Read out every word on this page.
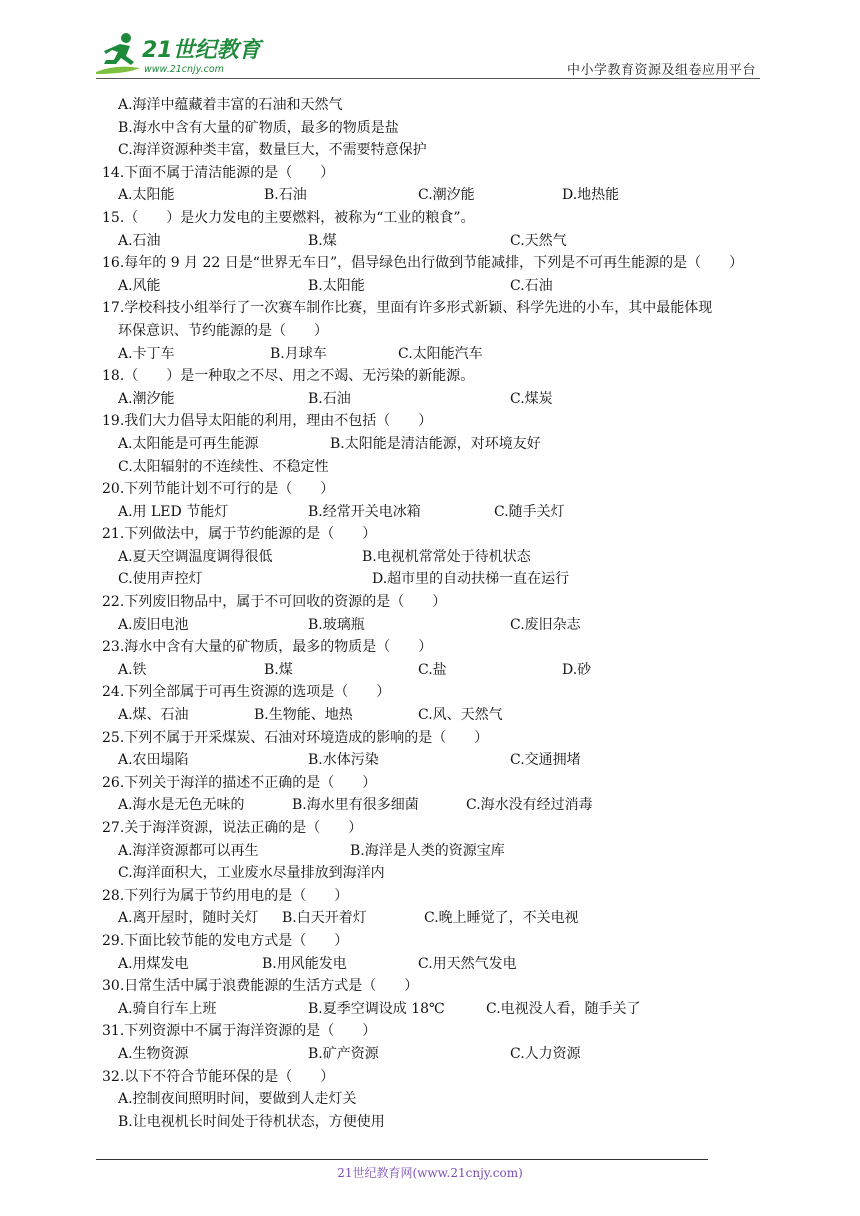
21世纪教育
www.21cnjy.com	中小学教育资源及组卷应用平台
A.海洋中蕴藏着丰富的石油和天然气
B.海水中含有大量的矿物质，最多的物质是盐
C.海洋资源种类丰富，数量巨大，不需要特意保护
14.下面不属于清洁能源的是（　　）
A.太阳能	B.石油	C.潮汐能	D.地热能
15.（　　）是火力发电的主要燃料，被称为“工业的粮食”。
A.石油	B.煤	C.天然气
16.每年的 9 月 22 日是“世界无车日”，倡导绿色出行做到节能减排，下列是不可再生能源的是（　　）
A.风能	B.太阳能	C.石油
17.学校科技小组举行了一次赛车制作比赛，里面有许多形式新颖、科学先进的小车，其中最能体现
环保意识、节约能源的是（　　）
A.卡丁车	B.月球车	C.太阳能汽车
18.（　　）是一种取之不尽、用之不竭、无污染的新能源。
A.潮汐能	B.石油	C.煤炭
19.我们大力倡导太阳能的利用，理由不包括（　　）
A.太阳能是可再生能源	B.太阳能是清洁能源，对环境友好
C.太阳辐射的不连续性、不稳定性
20.下列节能计划不可行的是（　　）
A.用 LED 节能灯	B.经常开关电冰箱	C.随手关灯
21.下列做法中，属于节约能源的是（　　）
A.夏天空调温度调得很低	B.电视机常常处于待机状态
C.使用声控灯	D.超市里的自动扶梯一直在运行
22.下列废旧物品中，属于不可回收的资源的是（　　）
A.废旧电池	B.玻璃瓶	C.废旧杂志
23.海水中含有大量的矿物质，最多的物质是（　　）
A.铁	B.煤	C.盐	D.砂
24.下列全部属于可再生资源的选项是（　　）
A.煤、石油	B.生物能、地热	C.风、天然气
25.下列不属于开采煤炭、石油对环境造成的影响的是（　　）
A.农田塌陷	B.水体污染	C.交通拥堵
26.下列关于海洋的描述不正确的是（　　）
A.海水是无色无味的	B.海水里有很多细菌	C.海水没有经过消毒
27.关于海洋资源，说法正确的是（　　）
A.海洋资源都可以再生	B.海洋是人类的资源宝库
C.海洋面积大，工业废水尽量排放到海洋内
28.下列行为属于节约用电的是（　　）
A.离开屋时，随时关灯 B.白天开着灯	C.晚上睡觉了，不关电视
29.下面比较节能的发电方式是（　　）
A.用煤发电	B.用风能发电	C.用天然气发电
30.日常生活中属于浪费能源的生活方式是（　　）
A.骑自行车上班	B.夏季空调设成 18℃	C.电视没人看，随手关了
31.下列资源中不属于海洋资源的是（　　）
A.生物资源	B.矿产资源	C.人力资源
32.以下不符合节能环保的是（　　）
A.控制夜间照明时间，要做到人走灯关
B.让电视机长时间处于待机状态，方便使用
21世纪教育网(www.21cnjy.com)
